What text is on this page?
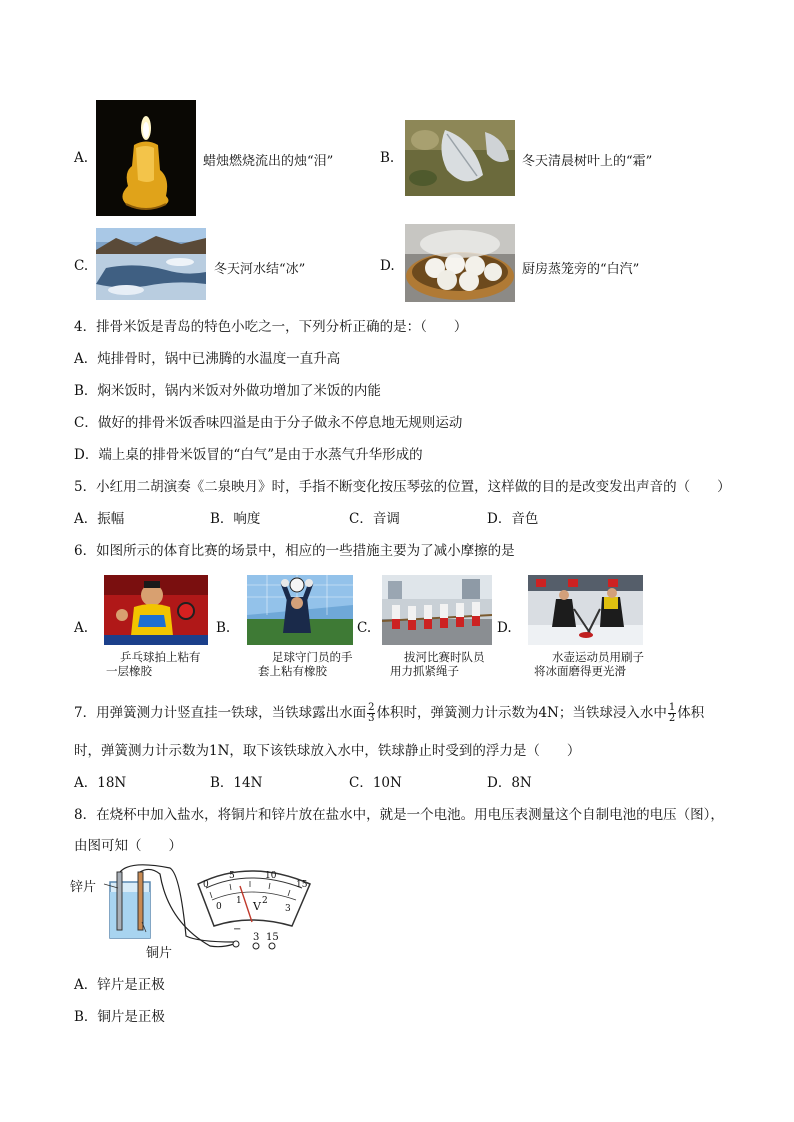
A.	蜡烛燃烧流出的烛“泪”	B.	冬天清晨树叶上的“霜”
C.	冬天河水结“冰”	D.	厨房蒸笼旁的“白汽”
4．排骨米饭是青岛的特色小吃之一，下列分析正确的是：（　　）
A．炖排骨时，锅中已沸腾的水温度一直升高
B．焖米饭时，锅内米饭对外做功增加了米饭的内能
C．做好的排骨米饭香味四溢是由于分子做永不停息地无规则运动
D．端上桌的排骨米饭冒的“白气”是由于水蒸气升华形成的
5．小红用二胡演奏《二泉映月》时，手指不断变化按压琴弦的位置，这样做的目的是改变发出声音的（　　）
A．振幅	B．响度	C．音调	D．音色
6．如图所示的体育比赛的场景中，相应的一些措施主要为了减小摩擦的是
A.
乒乓球拍上粘有
一层橡胶
B.
足球守门员的手
套上粘有橡胶
C.
拔河比赛时队员
用力抓紧绳子
D.
水壶运动员用刷子
将冰面磨得更光滑
7．用弹簧测力计竖直挂一铁球，当铁球露出水面 $\frac{2}{3}$ 体积时，弹簧测力计示数为4N；当铁球浸入水中 $\frac{1}{2}$ 体积
时，弹簧测力计示数为1N，取下该铁球放入水中，铁球静止时受到的浮力是（　　）
A．18N	B．14N	C．10N	D．8N
8．在烧杯中加入盐水，将铜片和锌片放在盐水中，就是一个电池。用电压表测量这个自制电池的电压（图），
由图可知（　　）
锌片
铜片
V
0
5	10
15
0
1 2
3
−
3 15
A．锌片是正极
B．铜片是正极
